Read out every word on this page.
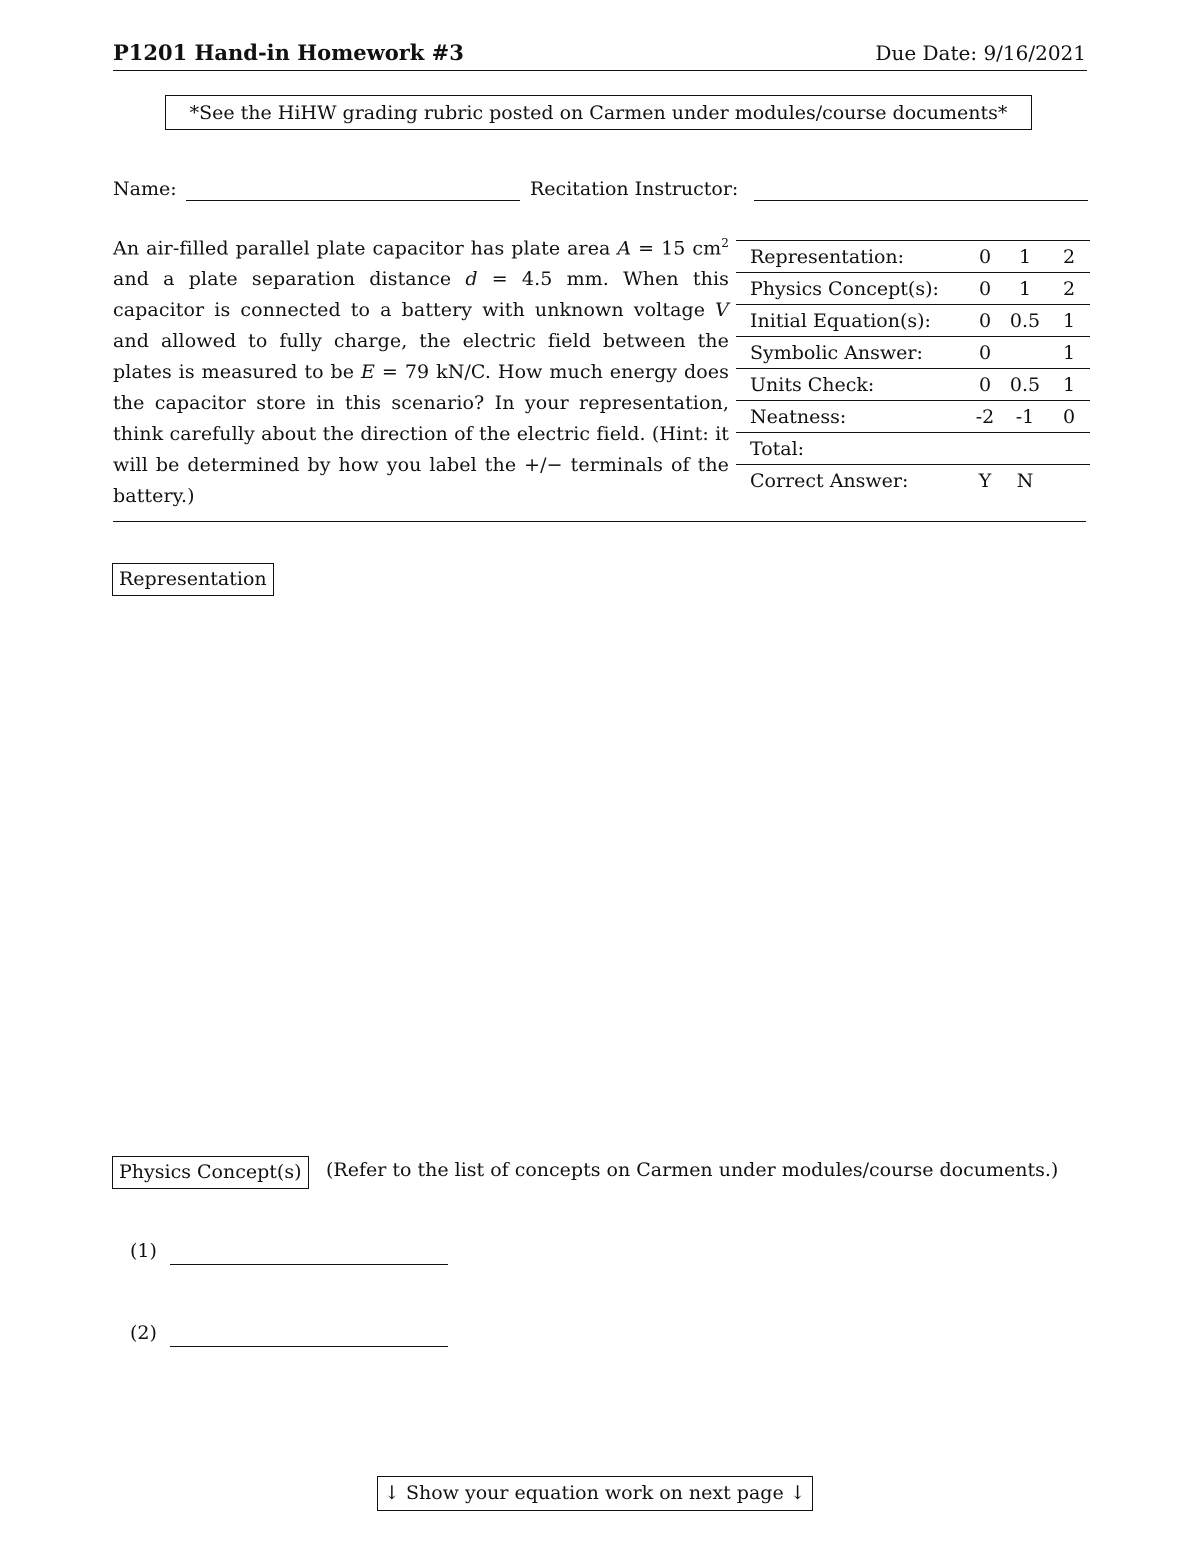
P1201 Hand-in Homework #3	Due Date: 9/16/2021
*See the HiHW grading rubric posted on Carmen under modules/course documents*
Name:	Recitation Instructor:

An air-filled parallel plate capacitor has plate area A = 15 $cm^2$ and a plate separation distance d = 4.5 mm. When this capacitor is connected to a battery with unknown voltage V and allowed to fully charge, the electric field between the plates is measured to be E = 79 kN/C. How much energy does the capacitor store in this scenario? In your representation, think carefully about the direction of the electric field. (Hint: it will be determined by how you label the +/− terminals of the battery.)

Representation:	0	1	2
Physics Concept(s):	0	1	2
Initial Equation(s):	0	0.5	1
Symbolic Answer:	0		1
Units Check:	0	0.5	1
Neatness:	-2	-1	0
Total:			
Correct Answer:	Y	N	
Representation
Physics Concept(s)	(Refer to the list of concepts on Carmen under modules/course documents.)
(1)
(2)
↓ Show your equation work on next page ↓
